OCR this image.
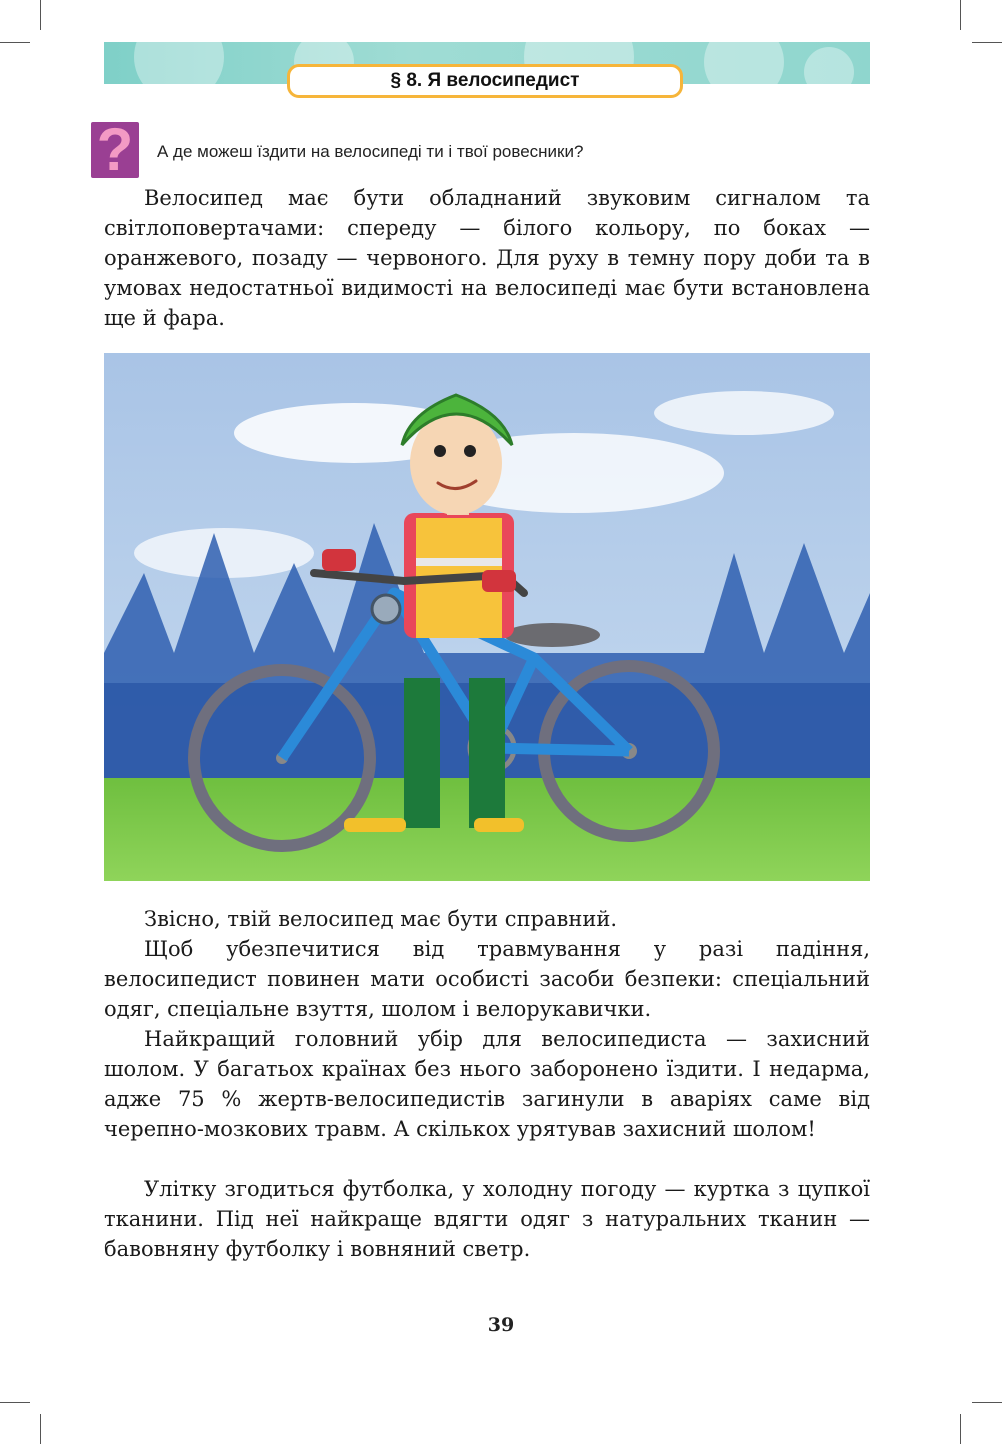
§ 8. Я велосипедист
? А де можеш їздити на велосипеді ти і твої ровесники?

Велосипед має бути обладнаний звуковим сигналом та світлоповертачами: спереду — білого кольору, по боках — оранжевого, позаду — червоного. Для руху в темну пору доби та в умовах недостатньої видимості на велосипеді має бути встановлена ще й фара.

Звісно, твій велосипед має бути справний.

Щоб убезпечитися від травмування у разі падіння, велосипедист повинен мати особисті засоби безпеки: спеціальний одяг, спеціальне взуття, шолом і велорукавички.

Найкращий головний убір для велосипедиста — захисний шолом. У багатьох країнах без нього заборонено їздити. І недарма, адже 75 % жертв-велосипедистів загинули в аваріях саме від черепно-мозкових травм. А скількох урятував захисний шолом!

Улітку згодиться футболка, у холодну погоду — куртка з цупкої тканини. Під неї найкраще вдягти одяг з натуральних тканин — бавовняну футболку і вовняний светр.

39
